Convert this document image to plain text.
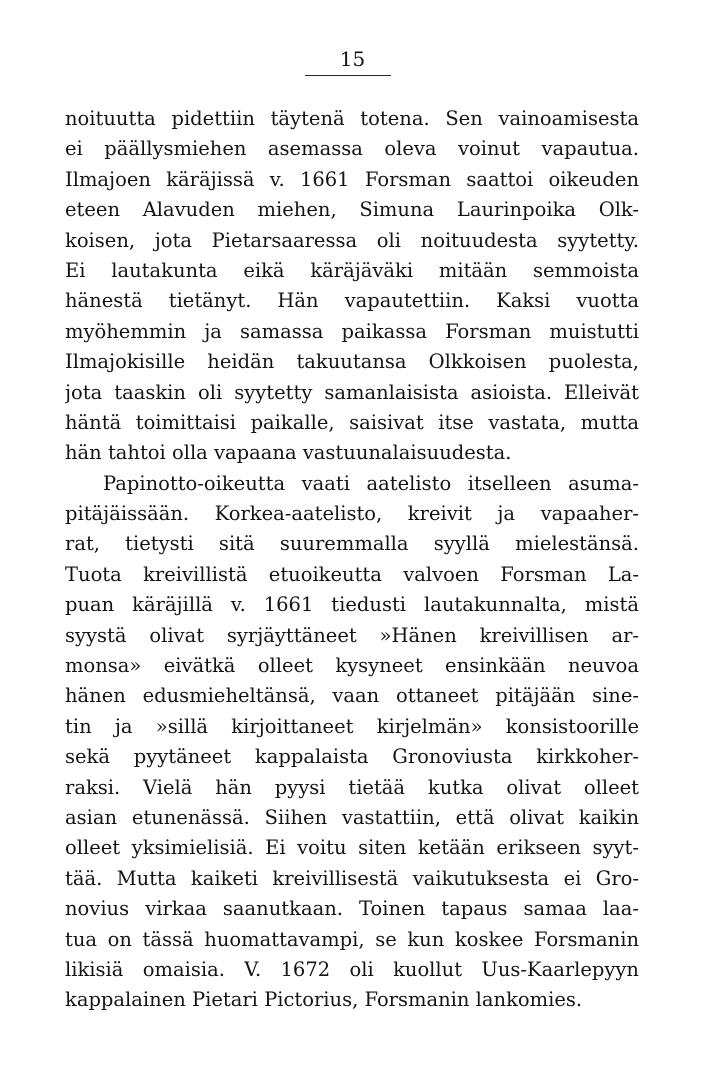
15
noituutta pidettiin täytenä totena. Sen vainoamisesta
ei päällysmiehen asemassa oleva voinut vapautua.
Ilmajoen käräjissä v. 1661 Forsman saattoi oikeuden
eteen Alavuden miehen, Simuna Laurinpoika Olk-
koisen, jota Pietarsaaressa oli noituudesta syytetty.
Ei lautakunta eikä käräjäväki mitään semmoista
hänestä tietänyt. Hän vapautettiin. Kaksi vuotta
myöhemmin ja samassa paikassa Forsman muistutti
Ilmajokisille heidän takuutansa Olkkoisen puolesta,
jota taaskin oli syytetty samanlaisista asioista. Elleivät
häntä toimittaisi paikalle, saisivat itse vastata, mutta
hän tahtoi olla vapaana vastuunalaisuudesta.
Papinotto-oikeutta vaati aatelisto itselleen asuma-
pitäjäissään. Korkea-aatelisto, kreivit ja vapaaher-
rat, tietysti sitä suuremmalla syyllä mielestänsä.
Tuota kreivillistä etuoikeutta valvoen Forsman La-
puan käräjillä v. 1661 tiedusti lautakunnalta, mistä
syystä olivat syrjäyttäneet »Hänen kreivillisen ar-
monsa» eivätkä olleet kysyneet ensinkään neuvoa
hänen edusmieheltänsä, vaan ottaneet pitäjään sine-
tin ja »sillä kirjoittaneet kirjelmän» konsistoorille
sekä pyytäneet kappalaista Gronoviusta kirkkoher-
raksi. Vielä hän pyysi tietää kutka olivat olleet
asian etunenässä. Siihen vastattiin, että olivat kaikin
olleet yksimielisiä. Ei voitu siten ketään erikseen syyt-
tää. Mutta kaiketi kreivillisestä vaikutuksesta ei Gro-
novius virkaa saanutkaan. Toinen tapaus samaa laa-
tua on tässä huomattavampi, se kun koskee Forsmanin
likisiä omaisia. V. 1672 oli kuollut Uus-Kaarlepyyn
kappalainen Pietari Pictorius, Forsmanin lankomies.
